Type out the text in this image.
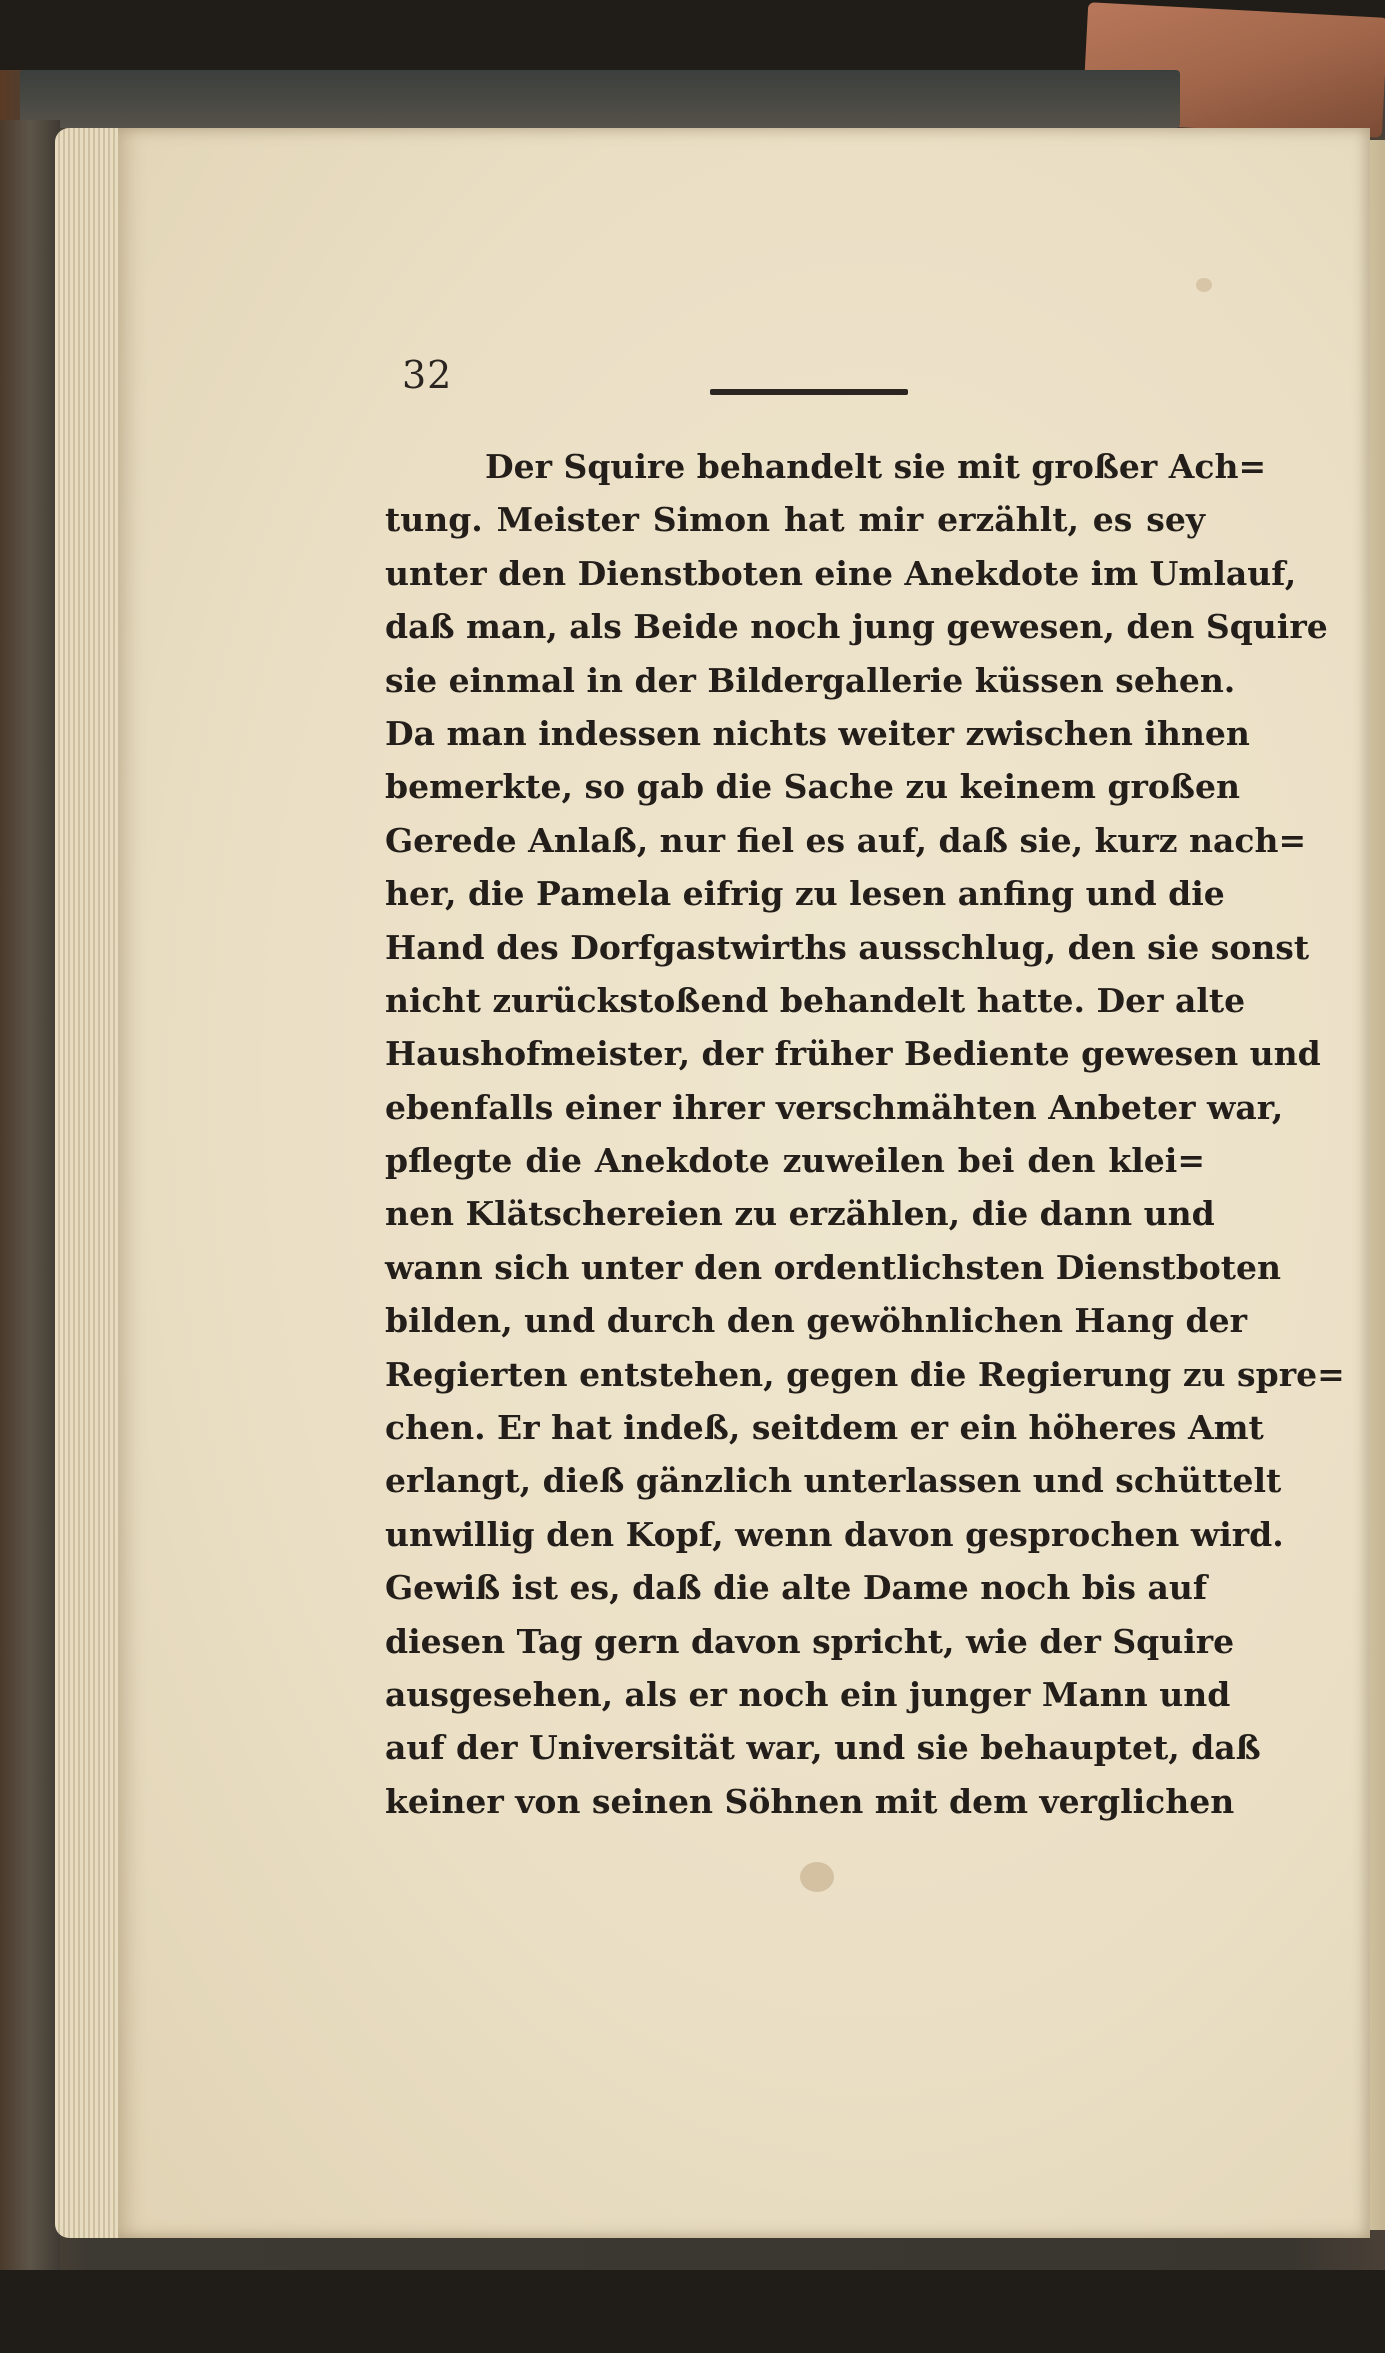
32
Der Squire behandelt sie mit großer Ach=
tung. Meister Simon hat mir erzählt, es sey
unter den Dienstboten eine Anekdote im Umlauf,
daß man, als Beide noch jung gewesen, den Squire
sie einmal in der Bildergallerie küssen sehen.
Da man indessen nichts weiter zwischen ihnen
bemerkte, so gab die Sache zu keinem großen
Gerede Anlaß, nur fiel es auf, daß sie, kurz nach=
her, die Pamela eifrig zu lesen anfing und die
Hand des Dorfgastwirths ausschlug, den sie sonst
nicht zurückstoßend behandelt hatte. Der alte
Haushofmeister, der früher Bediente gewesen und
ebenfalls einer ihrer verschmähten Anbeter war,
pflegte die Anekdote zuweilen bei den klei=
nen Klätschereien zu erzählen, die dann und
wann sich unter den ordentlichsten Dienstboten
bilden, und durch den gewöhnlichen Hang der
Regierten entstehen, gegen die Regierung zu spre=
chen. Er hat indeß, seitdem er ein höheres Amt
erlangt, dieß gänzlich unterlassen und schüttelt
unwillig den Kopf, wenn davon gesprochen wird.
Gewiß ist es, daß die alte Dame noch bis auf
diesen Tag gern davon spricht, wie der Squire
ausgesehen, als er noch ein junger Mann und
auf der Universität war, und sie behauptet, daß
keiner von seinen Söhnen mit dem verglichen
